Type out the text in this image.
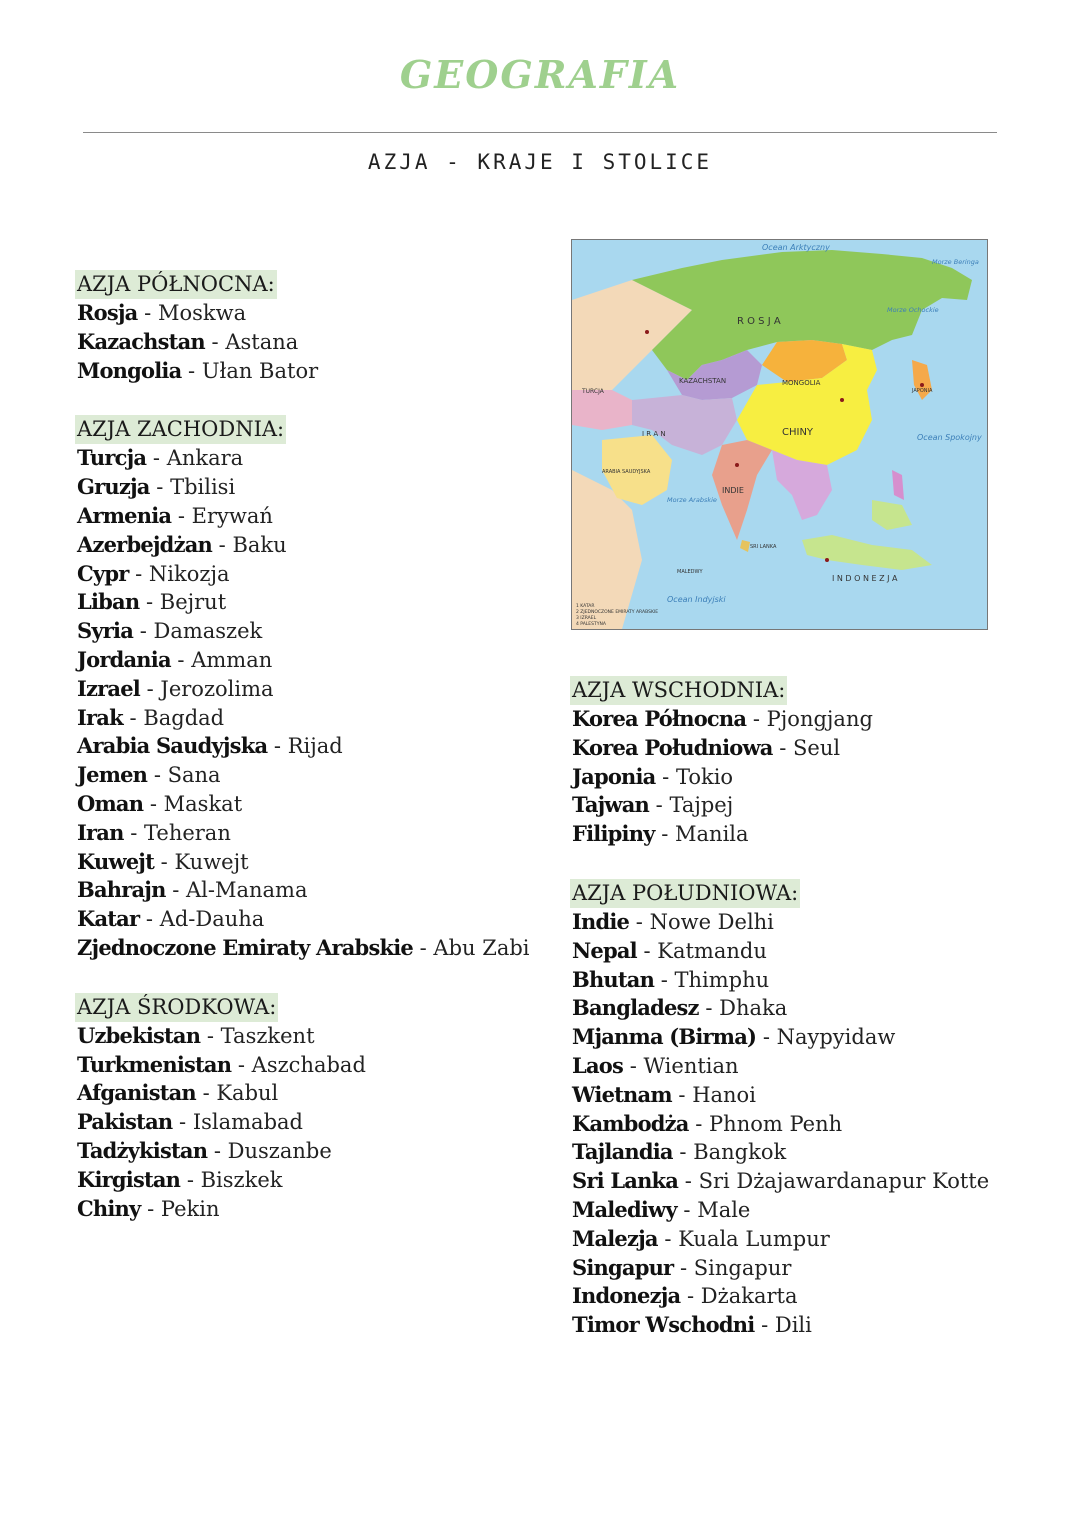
GEOGRAFIA
AZJA - KRAJE I STOLICE
AZJA PÓŁNOCNA:
Rosja - Moskwa
Kazachstan - Astana
Mongolia - Ułan Bator
AZJA ZACHODNIA:
Turcja - Ankara
Gruzja - Tbilisi
Armenia - Erywań
Azerbejdżan - Baku
Cypr - Nikozja
Liban - Bejrut
Syria - Damaszek
Jordania - Amman
Izrael - Jerozolima
Irak - Bagdad
Arabia Saudyjska - Rijad
Jemen - Sana
Oman - Maskat
Iran - Teheran
Kuwejt - Kuwejt
Bahrajn - Al-Manama
Katar - Ad-Dauha
Zjednoczone Emiraty Arabskie - Abu Zabi
AZJA ŚRODKOWA:
Uzbekistan - Taszkent
Turkmenistan - Aszchabad
Afganistan - Kabul
Pakistan - Islamabad
Tadżykistan - Duszanbe
Kirgistan - Biszkek
Chiny - Pekin
Ocean Arktyczny
Morze Beringa
Morze Ochockie
Ocean Spokojny
Ocean Indyjski
Morze Arabskie
R O S J A
KAZACHSTAN	MONGOLIA
CHINY
INDIE
I R A N
I N D O N E Z J A
ARABIA SAUDYJSKA
TURCJA	JAPONIA
MALEDWY
SRI LANKA
1 KATAR
2 ZJEDNOCZONE EMIRATY ARABSKIE
3 IZRAEL
4 PALESTYNA
AZJA WSCHODNIA:
Korea Północna - Pjongjang
Korea Południowa - Seul
Japonia - Tokio
Tajwan - Tajpej
Filipiny - Manila
AZJA POŁUDNIOWA:
Indie - Nowe Delhi
Nepal - Katmandu
Bhutan - Thimphu
Bangladesz - Dhaka
Mjanma (Birma) - Naypyidaw
Laos - Wientian
Wietnam - Hanoi
Kambodża - Phnom Penh
Tajlandia - Bangkok
Sri Lanka - Sri Dżajawardanapur Kotte
Malediwy - Male
Malezja - Kuala Lumpur
Singapur - Singapur
Indonezja - Dżakarta
Timor Wschodni - Dili
